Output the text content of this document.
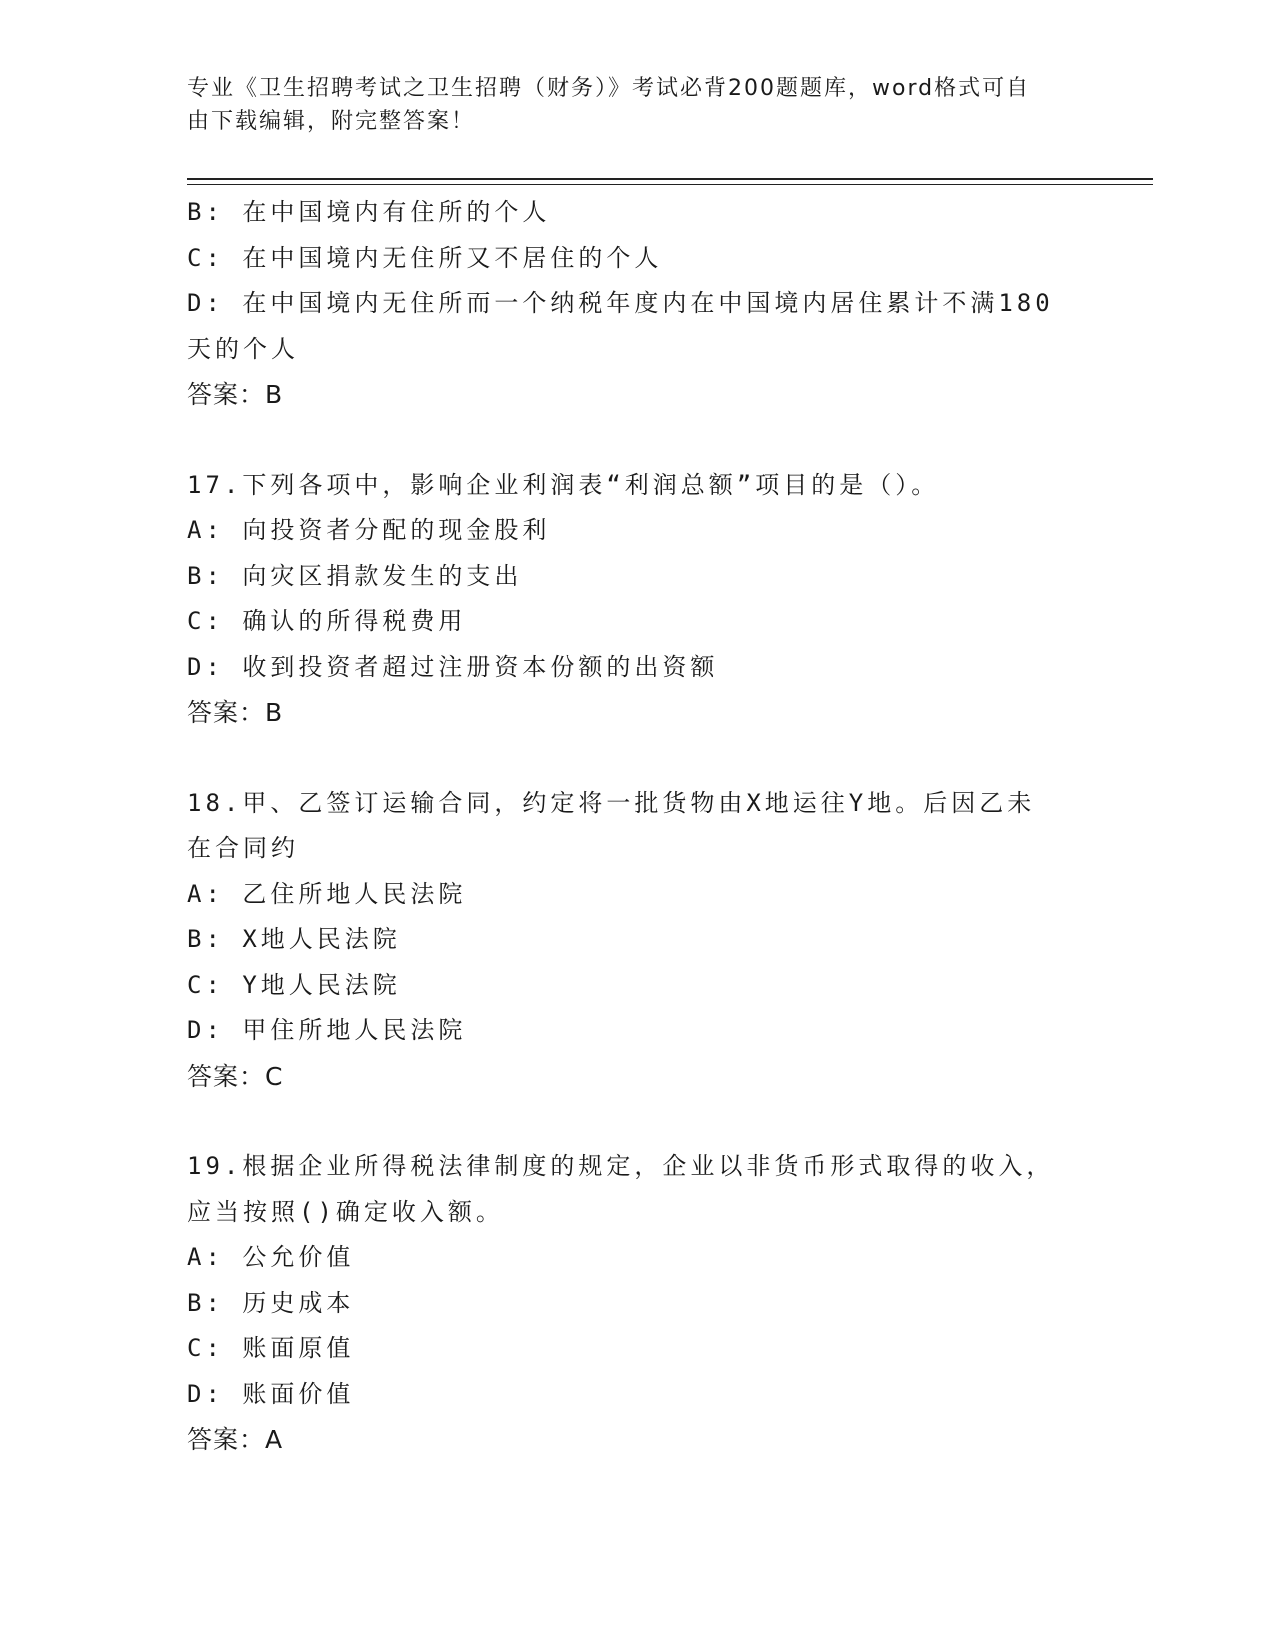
专业《卫生招聘考试之卫生招聘（财务）》考试必背200题题库，word格式可自
由下载编辑，附完整答案！

B: 在中国境内有住所的个人

C: 在中国境内无住所又不居住的个人

D: 在中国境内无住所而一个纳税年度内在中国境内居住累计不满180

天的个人

答案：B

17.下列各项中，影响企业利润表“利润总额”项目的是（）。

A: 向投资者分配的现金股利

B: 向灾区捐款发生的支出

C: 确认的所得税费用

D: 收到投资者超过注册资本份额的出资额

答案：B

18.甲、乙签订运输合同，约定将一批货物由X地运往Y地。后因乙未

在合同约

A: 乙住所地人民法院

B: X地人民法院

C: Y地人民法院

D: 甲住所地人民法院

答案：C

19.根据企业所得税法律制度的规定，企业以非货币形式取得的收入，

应当按照()确定收入额。

A: 公允价值

B: 历史成本

C: 账面原值

D: 账面价值

答案：A
